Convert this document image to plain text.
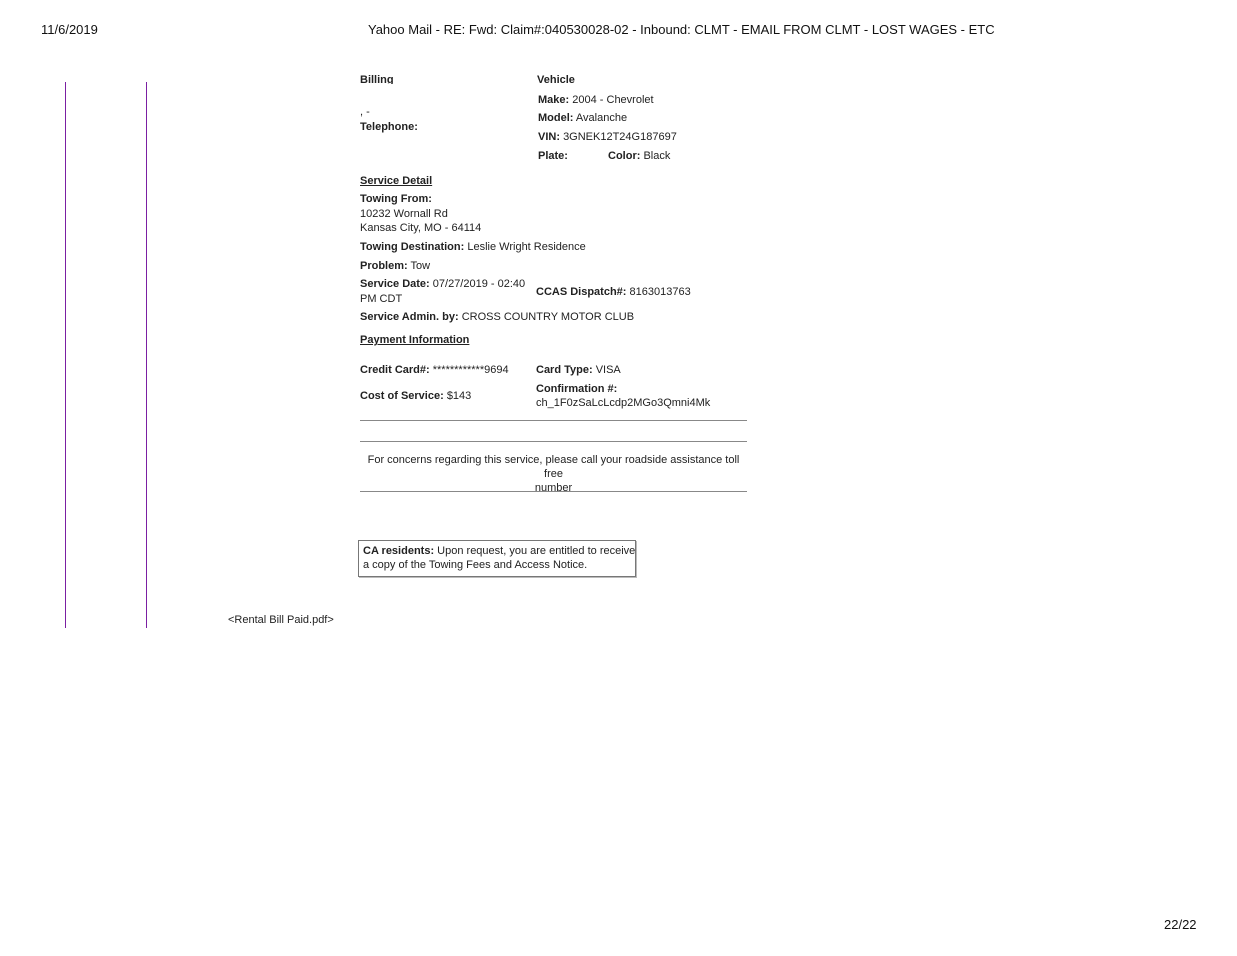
11/6/2019	Yahoo Mail - RE: Fwd: Claim#:040530028-02 - Inbound: CLMT - EMAIL FROM CLMT - LOST WAGES - ETC
Billing	Vehicle
, -
Telephone:
Make: 2004 - Chevrolet
Model: Avalanche
VIN: 3GNEK12T24G187697
Plate:	Color: Black
Service Detail
Towing From:
10232 Wornall Rd
Kansas City, MO - 64114
Towing Destination: Leslie Wright Residence
Problem: Tow
Service Date: 07/27/2019 - 02:40
PM CDT
CCAS Dispatch#: 8163013763
Service Admin. by: CROSS COUNTRY MOTOR CLUB
Payment Information
Credit Card#: ************9694 Card Type: VISA
Confirmation #:
ch_1F0zSaLcLcdp2MGo3Qmni4Mk
Cost of Service: $143
For concerns regarding this service, please call your roadside assistance toll free
number
CA residents: Upon request, you are entitled to receive
a copy of the Towing Fees and Access Notice.
<Rental Bill Paid.pdf>
22/22
